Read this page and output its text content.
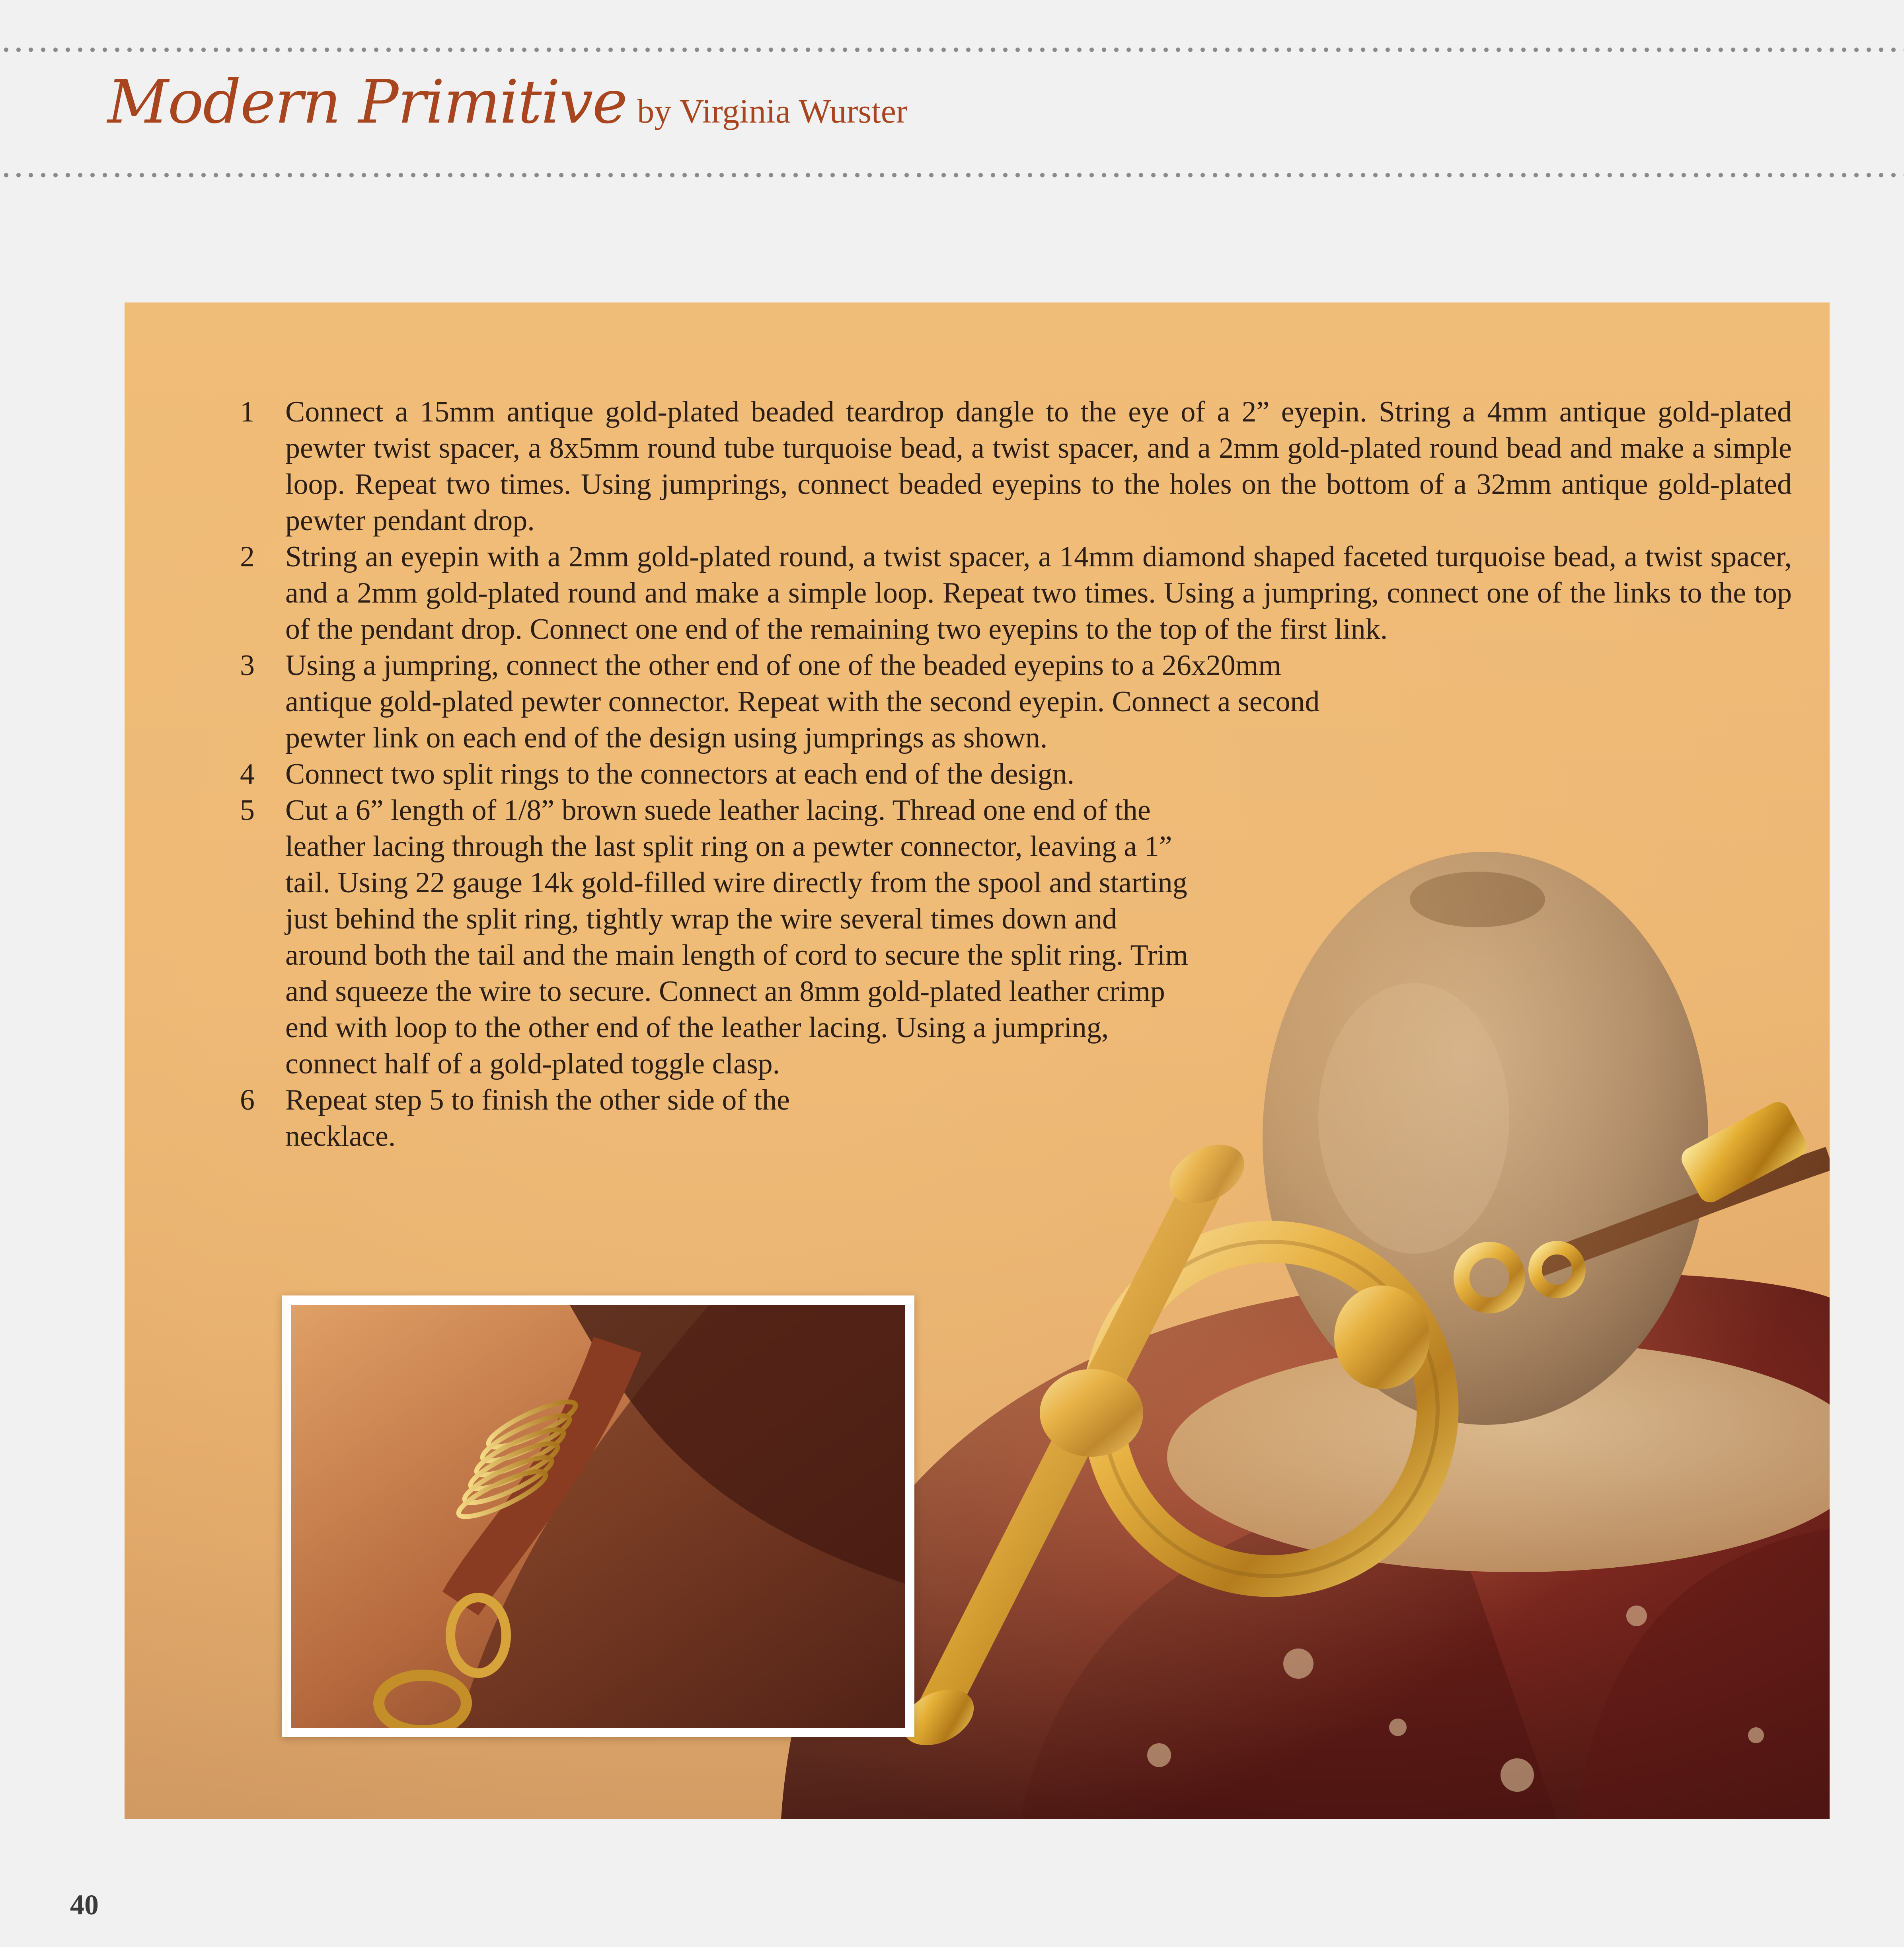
Modern Primitive by Virginia Wurster
1 Connect a 15mm antique gold-plated beaded teardrop dangle to the eye of a 2” eyepin. String a 4mm antique gold-plated pewter twist spacer, a 8x5mm round tube turquoise bead, a twist spacer, and a 2mm gold-plated round bead and make a simple loop. Repeat two times. Using jumprings, connect beaded eyepins to the holes on the bottom of a 32mm antique gold-plated pewter pendant drop.
2 String an eyepin with a 2mm gold-plated round, a twist spacer, a 14mm diamond shaped faceted turquoise bead, a twist spacer, and a 2mm gold-plated round and make a simple loop. Repeat two times. Using a jumpring, connect one of the links to the top of the pendant drop. Connect one end of the remaining two eyepins to the top of the first link.
3 Using a jumpring, connect the other end of one of the beaded eyepins to a 26x20mm antique gold-plated pewter connector. Repeat with the second eyepin. Connect a second pewter link on each end of the design using jumprings as shown.
4 Connect two split rings to the connectors at each end of the design.
5 Cut a 6” length of 1/8” brown suede leather lacing. Thread one end of the leather lacing through the last split ring on a pewter connector, leaving a 1” tail. Using 22 gauge 14k gold-filled wire directly from the spool and starting just behind the split ring, tightly wrap the wire several times down and around both the tail and the main length of cord to secure the split ring. Trim and squeeze the wire to secure. Connect an 8mm gold-plated leather crimp end with loop to the other end of the leather lacing. Using a jumpring, connect half of a gold-plated toggle clasp.
6 Repeat step 5 to finish the other side of the necklace.
40
